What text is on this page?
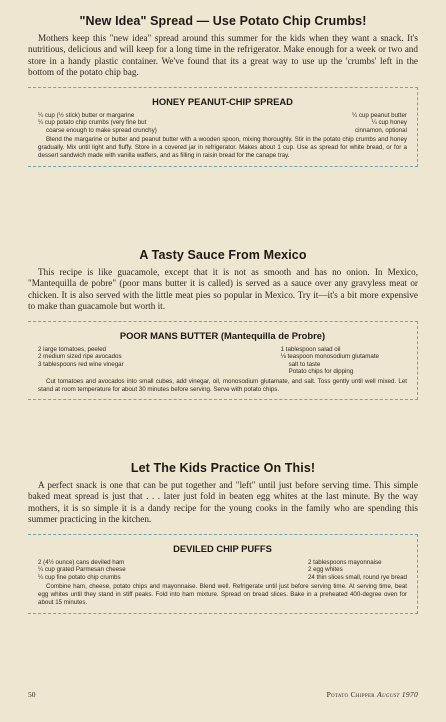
"New Idea" Spread — Use Potato Chip Crumbs!

Mothers keep this "new idea" spread around this summer for the kids when they want a snack. It's nutritious, delicious and will keep for a long time in the refrigerator. Make enough for a week or two and store in a handy plastic container. We've found that its a great way to use up the 'crumbs' left in the bottom of the potato chip bag.

HONEY PEANUT-CHIP SPREAD
¼ cup (½ stick) butter or margarine
¼ cup potato chip crumbs (very fine but
coarse enough to make spread crunchy)
¼ cup peanut butter
¼ cup honey
cinnamon, optional

Blend the margarine or butter and peanut butter with a wooden spoon, mixing thoroughly. Stir in the potato chip crumbs and honey gradually. Mix until light and fluffy. Store in a covered jar in refrigerator. Makes about 1 cup. Use as spread for white bread, or for a dessert sandwich made with vanilla waffers, and as filling in raisin bread for the canape tray.

A Tasty Sauce From Mexico

This recipe is like guacamole, except that it is not as smooth and has no onion. In Mexico, "Mantequilla de pobre" (poor mans butter it is called) is served as a sauce over any gravyless meat or chicken. It is also served with the little meat pies so popular in Mexico. Try it—it's a bit more expensive to make than guacamole but worth it.

POOR MANS BUTTER (Mantequilla de Probre)
2 large tomatoes, peeled
2 medium sized ripe avocados
3 tablespoons red wine vinegar
1 tablespoon salad oil
⅛ teaspoon monosodium glutamate
salt to taste
Potato chips for dipping

Cut tomatoes and avocados into small cubes, add vinegar, oil, monosodium glutamate, and salt. Toss gently until well mixed. Let stand at room temperature for about 30 minutes before serving. Serve with potato chips.

Let The Kids Practice On This!

A perfect snack is one that can be put together and "left" until just before serving time. This simple baked meat spread is just that . . . later just fold in beaten egg whites at the last minute. By the way mothers, it is so simple it is a dandy recipe for the young cooks in the family who are spending this summer practicing in the kitchen.

DEVILED CHIP PUFFS
2 (4½ ounce) cans deviled ham
¼ cup grated Parmesan cheese
¼ cup fine potato chip crumbs
2 tablespoons mayonnaise
2 egg whites
24 thin slices small, round rye bread

Combine ham, cheese, potato chips and mayonnaise. Blend well. Refrigerate until just before serving time. At serving time, beat egg whites until they stand in stiff peaks. Fold into ham mixture. Spread on bread slices. Bake in a preheated 400-degree oven for about 15 minutes.

50	Potato Chipper August 1970
